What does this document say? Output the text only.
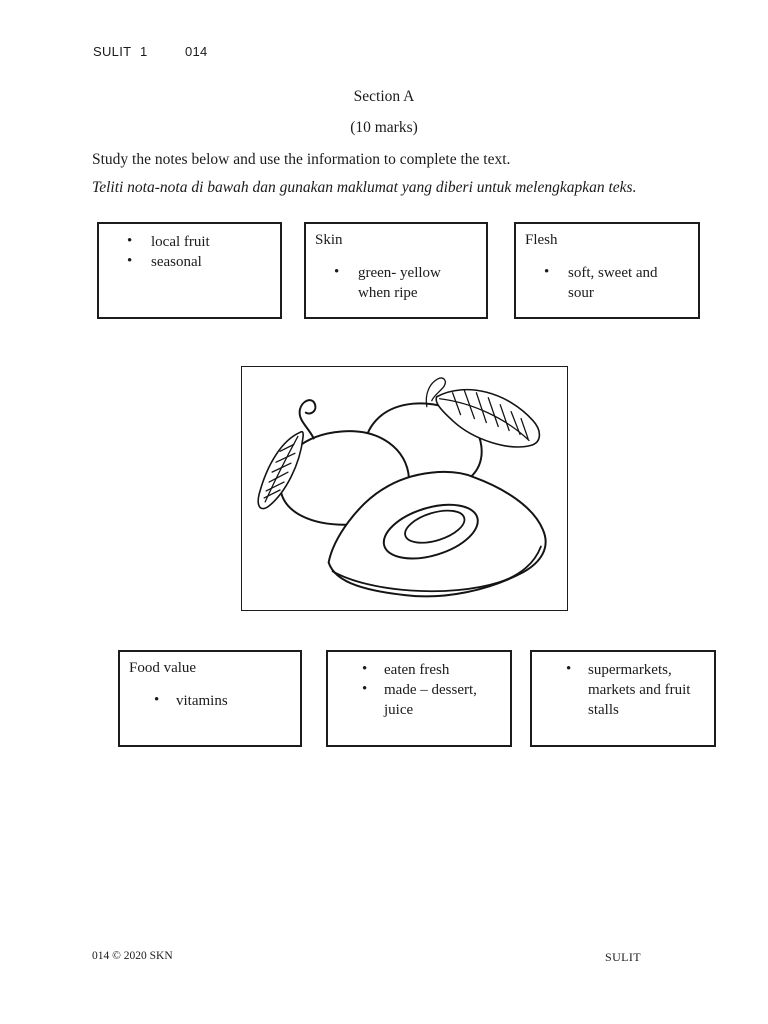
SULIT 1	014
Section A
(10 marks)
Study the notes below and use the information to complete the text.
Teliti nota-nota di bawah dan gunakan maklumat yang diberi untuk melengkapkan teks.
• local fruit
• seasonal
Skin
• green- yellow when ripe
Flesh
• soft, sweet and sour
Food value
• vitamins
• eaten fresh
• made – dessert, juice
• supermarkets, markets and fruit stalls
014 © 2020 SKN	SULIT
